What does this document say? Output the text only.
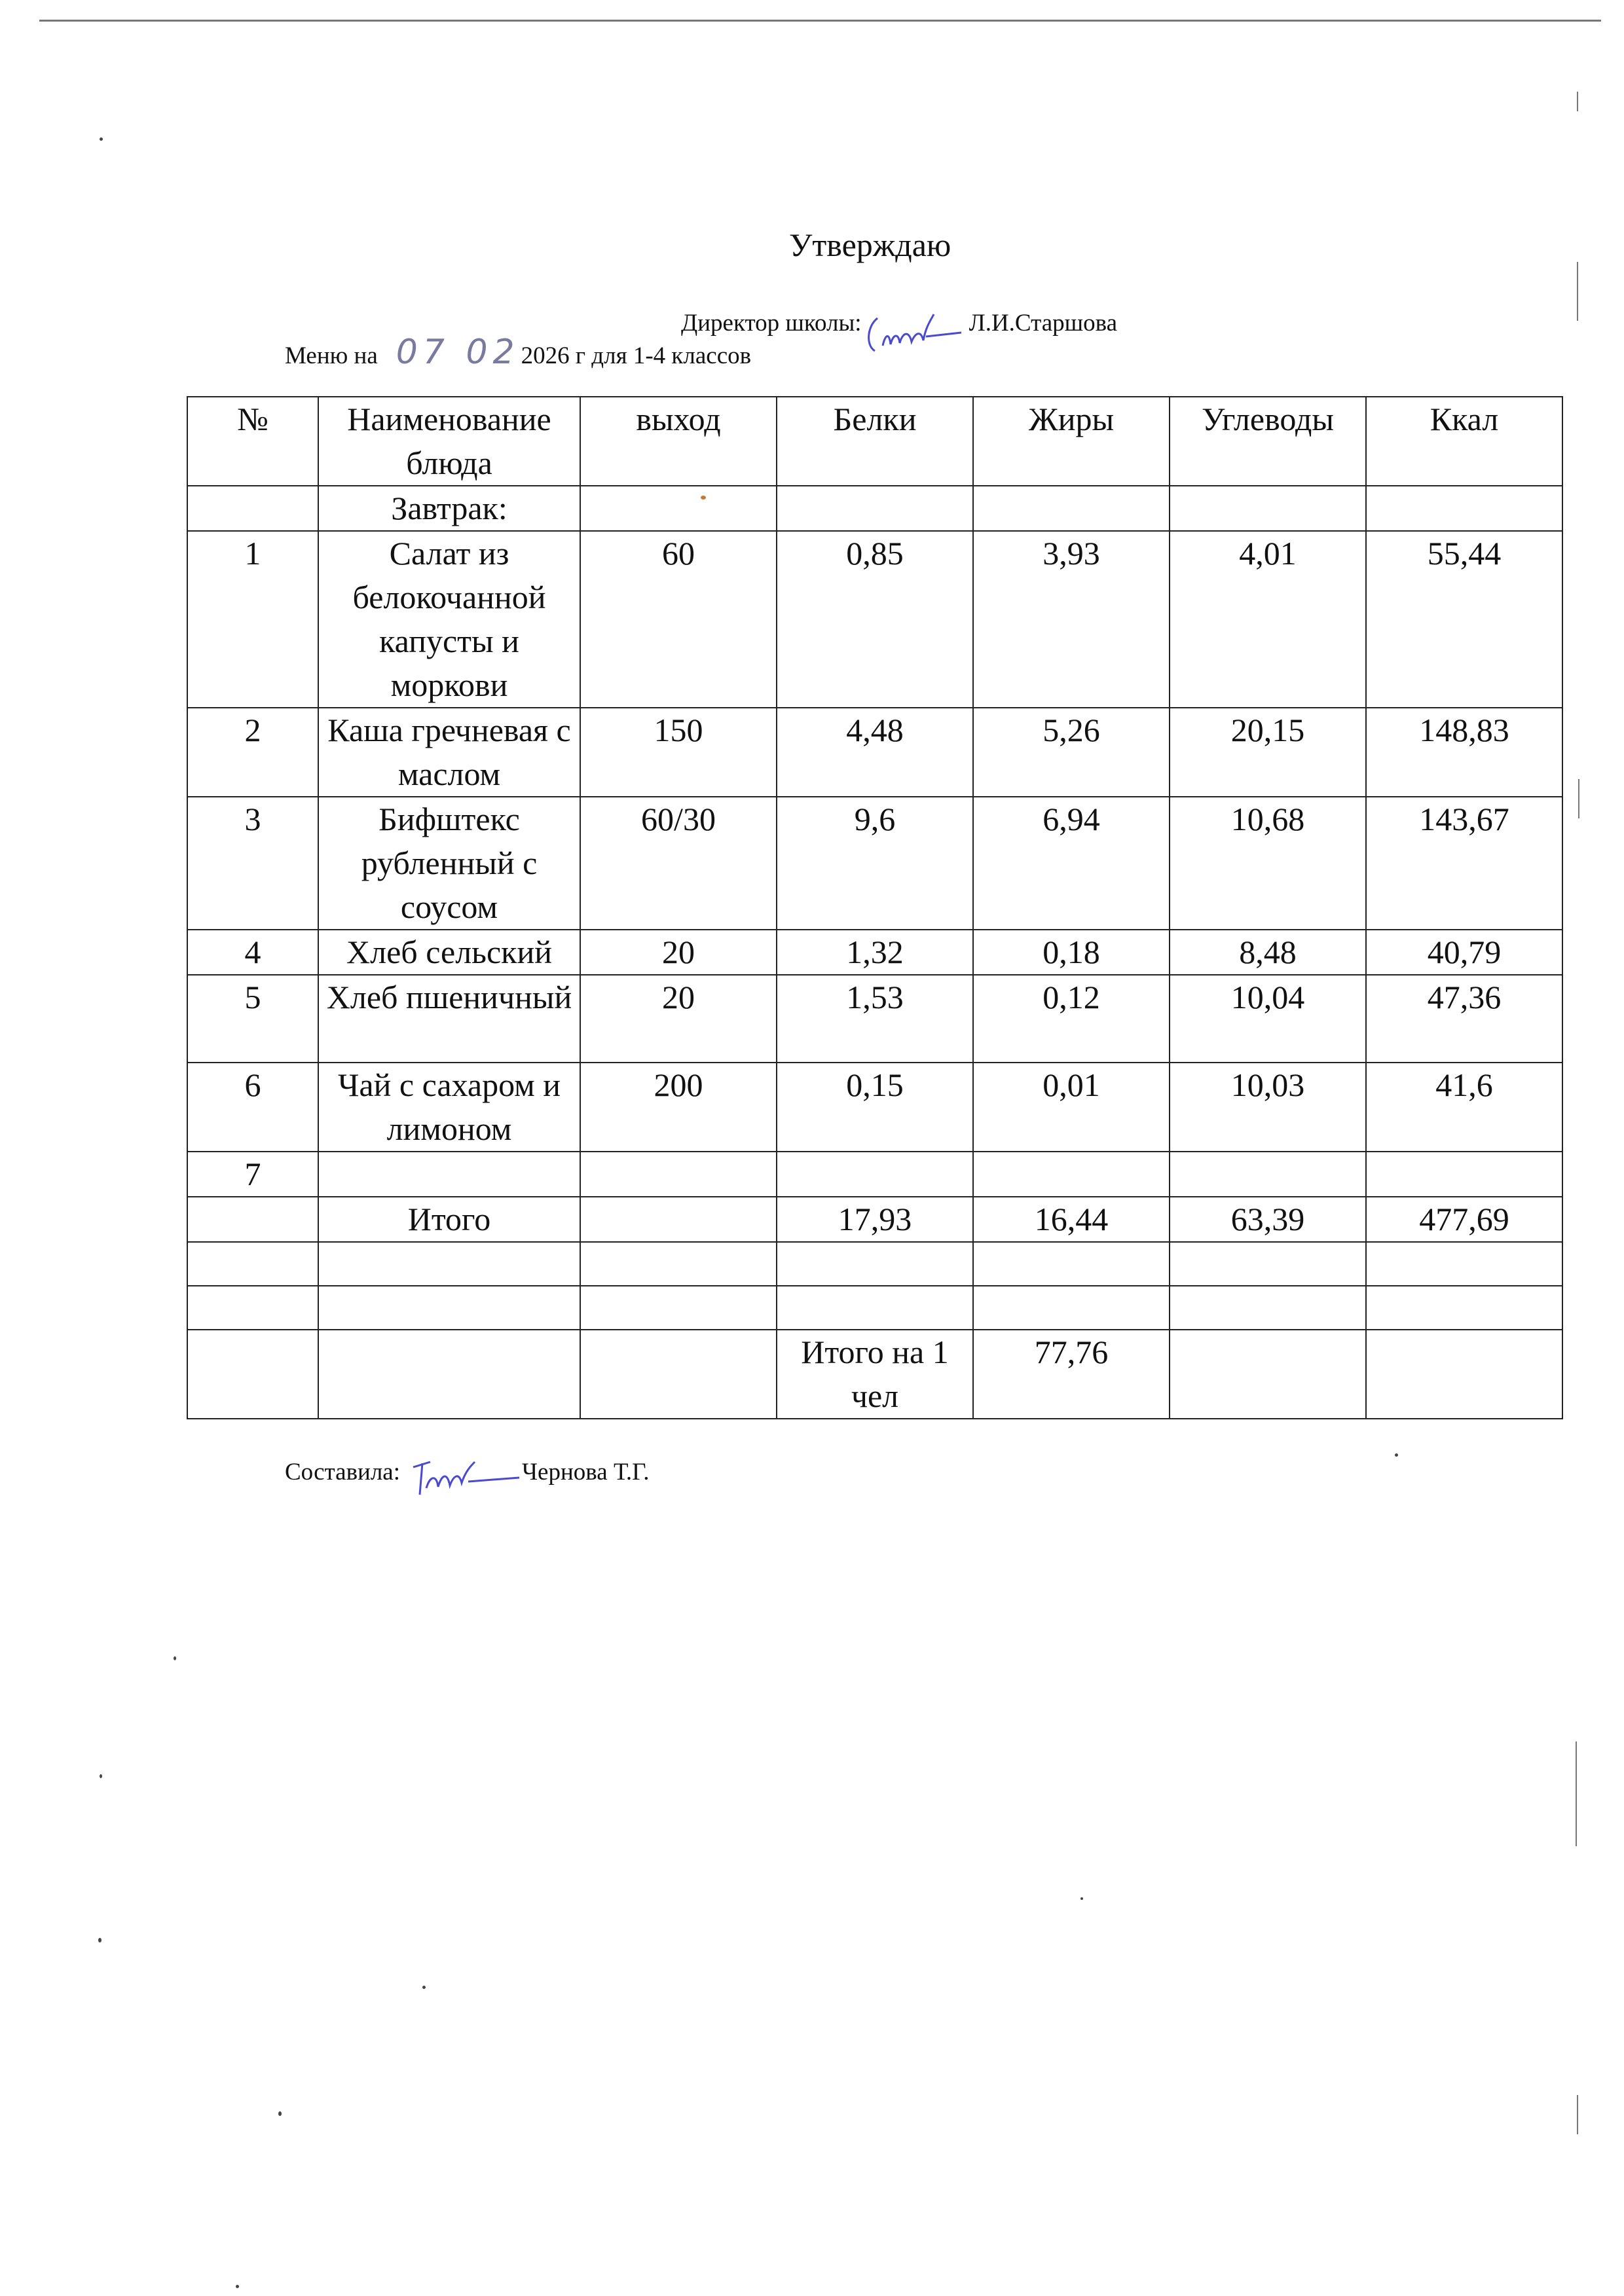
Утверждаю
Директор школы:	Л.И.Старшова
Меню на 07 022026 г для 1-4 классов
№	Наименование блюда	выход	Белки	Жиры	Углеводы	Ккал
	Завтрак:					
1	Салат из белокочанной капусты и моркови	60	0,85	3,93	4,01	55,44
2	Каша гречневая с маслом	150	4,48	5,26	20,15	148,83
3	Бифштекс рубленный с соусом	60/30	9,6	6,94	10,68	143,67
4	Хлеб сельский	20	1,32	0,18	8,48	40,79
5	Хлеб пшеничный	20	1,53	0,12	10,04	47,36
6	Чай с сахаром и лимоном	200	0,15	0,01	10,03	41,6
7						
	Итого		17,93	16,44	63,39	477,69

			Итого на 1 чел	77,76		
Составила:	Чернова Т.Г.
